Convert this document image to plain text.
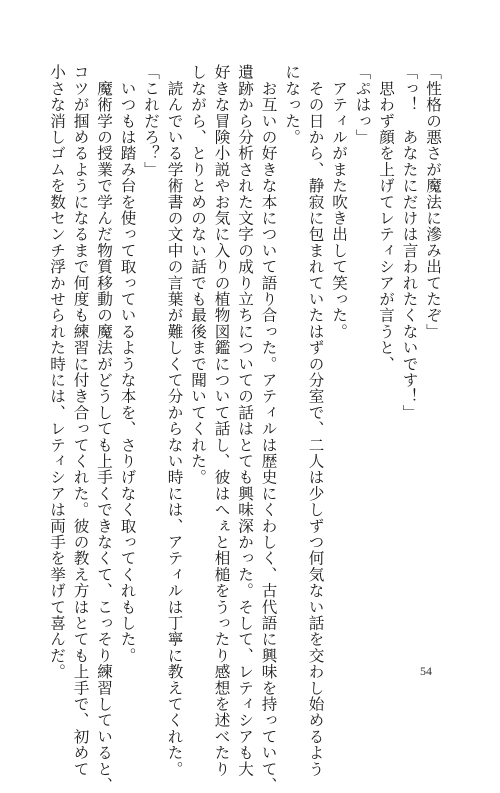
「性格の悪さが魔法に滲み出てたぞ」
「っ！　あなたにだけは言われたくないです！」
　思わず顔を上げてレティシアが言うと、
「ぷはっ」
　アティルがまた吹き出して笑った。
　その日から、静寂に包まれていたはずの分室で、二人は少しずつ何気ない話を交わし始めるよう
になった。
　お互いの好きな本について語り合った。アティルは歴史にくわしく、古代語に興味を持っていて、
遺跡から分析された文字の成り立ちについての話はとても興味深かった。そして、レティシアも大
好きな冒険小説やお気に入りの植物図鑑について話し、彼はへぇと相槌をうったり感想を述べたり
しながら、とりとめのない話でも最後まで聞いてくれた。
　読んでいる学術書の文中の言葉が難しくて分からない時には、アティルは丁寧に教えてくれた。
「これだろ？」
　いつもは踏み台を使って取っているような本を、さりげなく取ってくれもした。
　魔術学の授業で学んだ物質移動の魔法がどうしても上手くできなくて、こっそり練習していると、
コツが掴めるようになるまで何度も練習に付き合ってくれた。彼の教え方はとても上手で、初めて
小さな消しゴムを数センチ浮かせられた時には、レティシアは両手を挙げて喜んだ。	54
